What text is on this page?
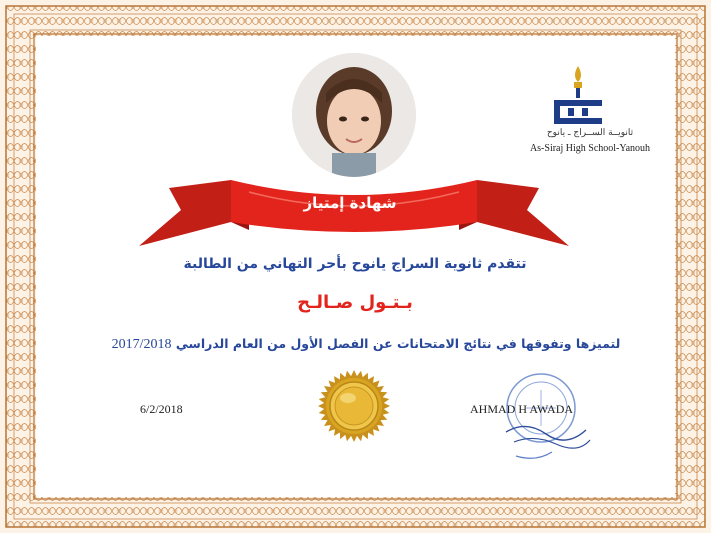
شهادة إمتياز
ثانويــة الســراج ـ يانوح
As-Siraj High School-Yanouh
تتقدم ثانوية السراج يانوح بأحر التهاني من الطالبة
بـتـول صـالـح
لتميزها وتفوقها في نتائج الامتحانات عن الفصل الأول من العام الدراسي 2017/2018
6/2/2018	AHMAD H AWADA
